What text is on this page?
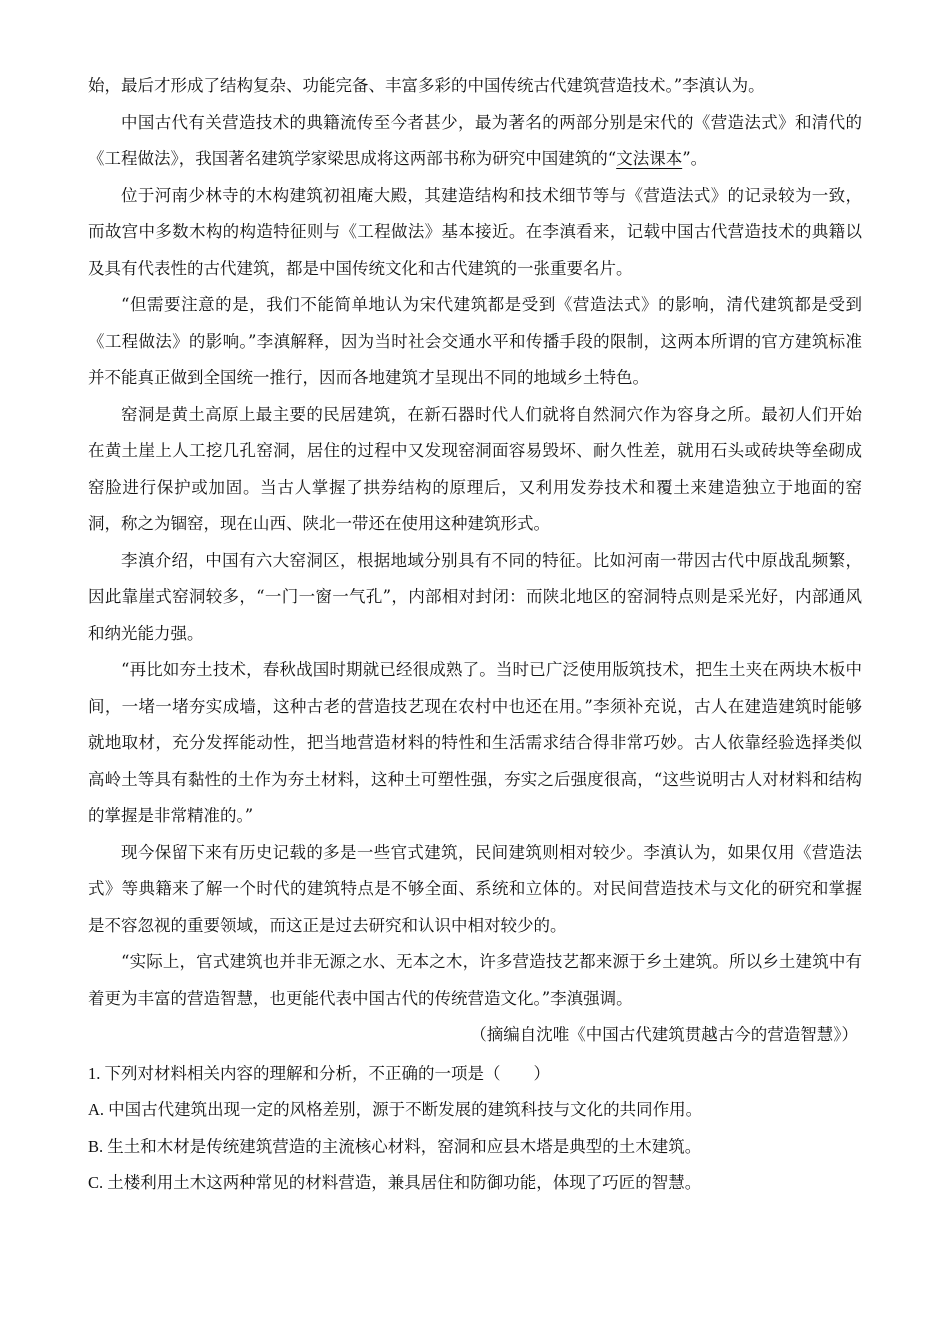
始，最后才形成了结构复杂、功能完备、丰富多彩的中国传统古代建筑营造技术。”李滇认为。

中国古代有关营造技术的典籍流传至今者甚少，最为著名的两部分别是宋代的《营造法式》和清代的《工程做法》，我国著名建筑学家梁思成将这两部书称为研究中国建筑的“文法课本”。

位于河南少林寺的木构建筑初祖庵大殿，其建造结构和技术细节等与《营造法式》的记录较为一致，而故宫中多数木构的构造特征则与《工程做法》基本接近。在李滇看来，记载中国古代营造技术的典籍以及具有代表性的古代建筑，都是中国传统文化和古代建筑的一张重要名片。

“但需要注意的是，我们不能简单地认为宋代建筑都是受到《营造法式》的影响，清代建筑都是受到《工程做法》的影响。”李滇解释，因为当时社会交通水平和传播手段的限制，这两本所谓的官方建筑标准并不能真正做到全国统一推行，因而各地建筑才呈现出不同的地域乡土特色。

窑洞是黄土高原上最主要的民居建筑，在新石器时代人们就将自然洞穴作为容身之所。最初人们开始在黄土崖上人工挖几孔窑洞，居住的过程中又发现窑洞面容易毁坏、耐久性差，就用石头或砖块等垒砌成窑脸进行保护或加固。当古人掌握了拱券结构的原理后，又利用发券技术和覆土来建造独立于地面的窑洞，称之为锢窑，现在山西、陕北一带还在使用这种建筑形式。

李滇介绍，中国有六大窑洞区，根据地域分别具有不同的特征。比如河南一带因古代中原战乱频繁，因此靠崖式窑洞较多，“一门一窗一气孔”，内部相对封闭：而陕北地区的窑洞特点则是采光好，内部通风和纳光能力强。

“再比如夯土技术，春秋战国时期就已经很成熟了。当时已广泛使用版筑技术，把生土夹在两块木板中间，一堵一堵夯实成墙，这种古老的营造技艺现在农村中也还在用。”李须补充说，古人在建造建筑时能够就地取材，充分发挥能动性，把当地营造材料的特性和生活需求结合得非常巧妙。古人依靠经验选择类似高岭土等具有黏性的土作为夯土材料，这种土可塑性强，夯实之后强度很高，“这些说明古人对材料和结构的掌握是非常精准的。”

现今保留下来有历史记载的多是一些官式建筑，民间建筑则相对较少。李滇认为，如果仅用《营造法式》等典籍来了解一个时代的建筑特点是不够全面、系统和立体的。对民间营造技术与文化的研究和掌握是不容忽视的重要领域，而这正是过去研究和认识中相对较少的。

“实际上，官式建筑也并非无源之水、无本之木，许多营造技艺都来源于乡土建筑。所以乡土建筑中有着更为丰富的营造智慧，也更能代表中国古代的传统营造文化。”李滇强调。

（摘编自沈唯《中国古代建筑贯越古今的营造智慧》）

1. 下列对材料相关内容的理解和分析，不正确的一项是（　　）

A. 中国古代建筑出现一定的风格差别，源于不断发展的建筑科技与文化的共同作用。

B. 生土和木材是传统建筑营造的主流核心材料，窑洞和应县木塔是典型的土木建筑。

C. 土楼利用土木这两种常见的材料营造，兼具居住和防御功能，体现了巧匠的智慧。
